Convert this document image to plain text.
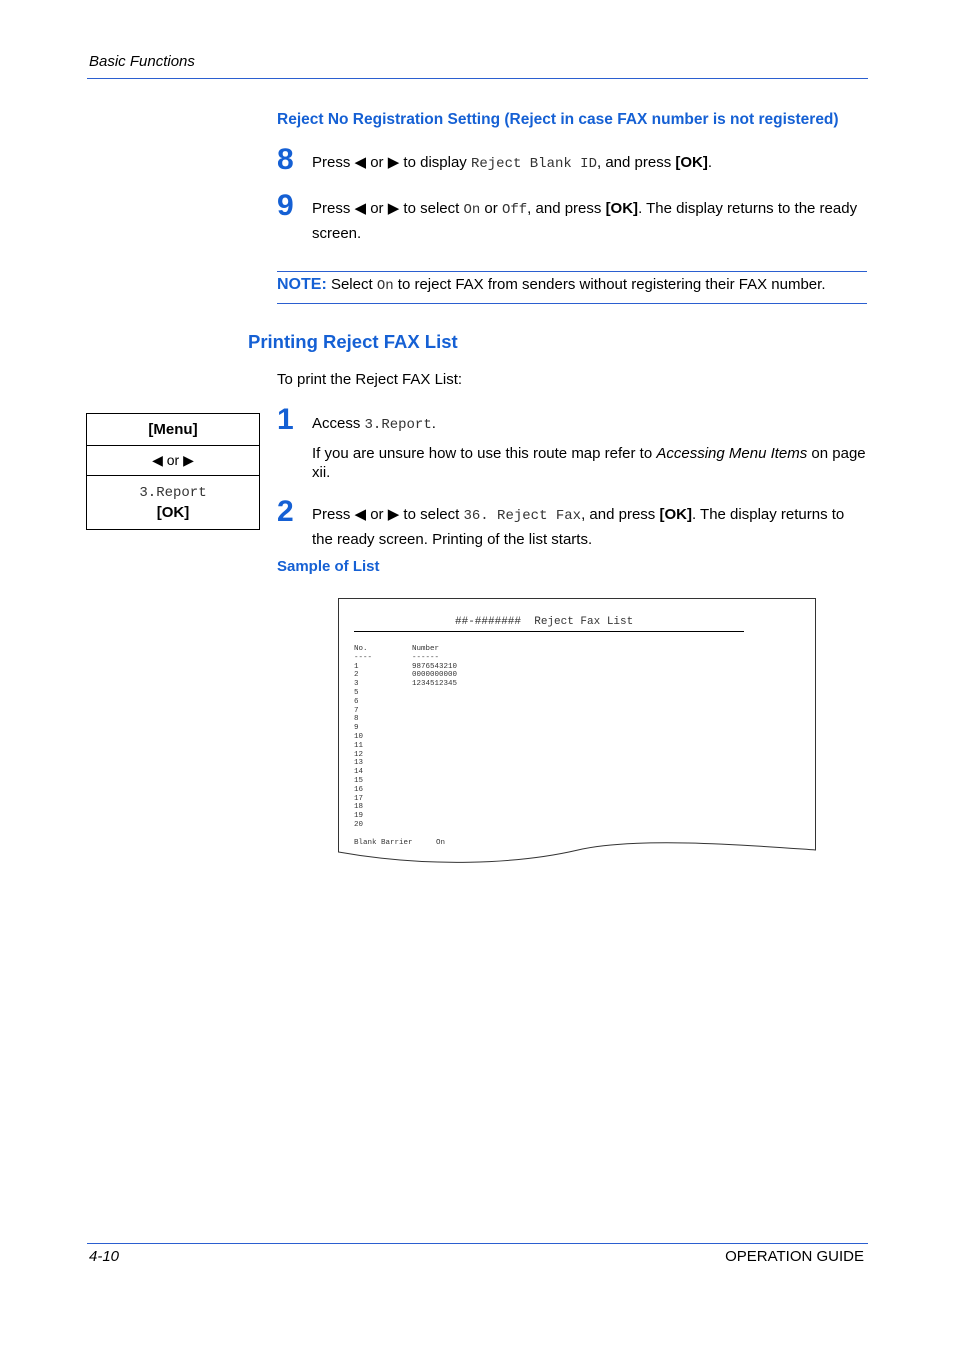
Basic Functions
Reject No Registration Setting (Reject in case FAX number is not registered)
8 Press ◀ or ▶ to display Reject Blank ID, and press [OK].
9 Press ◀ or ▶ to select On or Off, and press [OK]. The display returns to the ready screen.
NOTE: Select On to reject FAX from senders without registering their FAX number.
Printing Reject FAX List
To print the Reject FAX List:
[Menu]
◀ or ▶
3.Report
[OK]
1 Access 3.Report.
If you are unsure how to use this route map refer to Accessing Menu Items on page xii.
2 Press ◀ or ▶ to select 36. Reject Fax, and press [OK]. The display returns to the ready screen. Printing of the list starts.
Sample of List
##-#######  Reject Fax List
No.	Number
----	------
1	9876543210
2	0000000000
3	1234512345
5
6
7
8
9
10
11
12
13
14
15
16
17
18
19
20
Blank Barrier	On
4-10	OPERATION GUIDE
